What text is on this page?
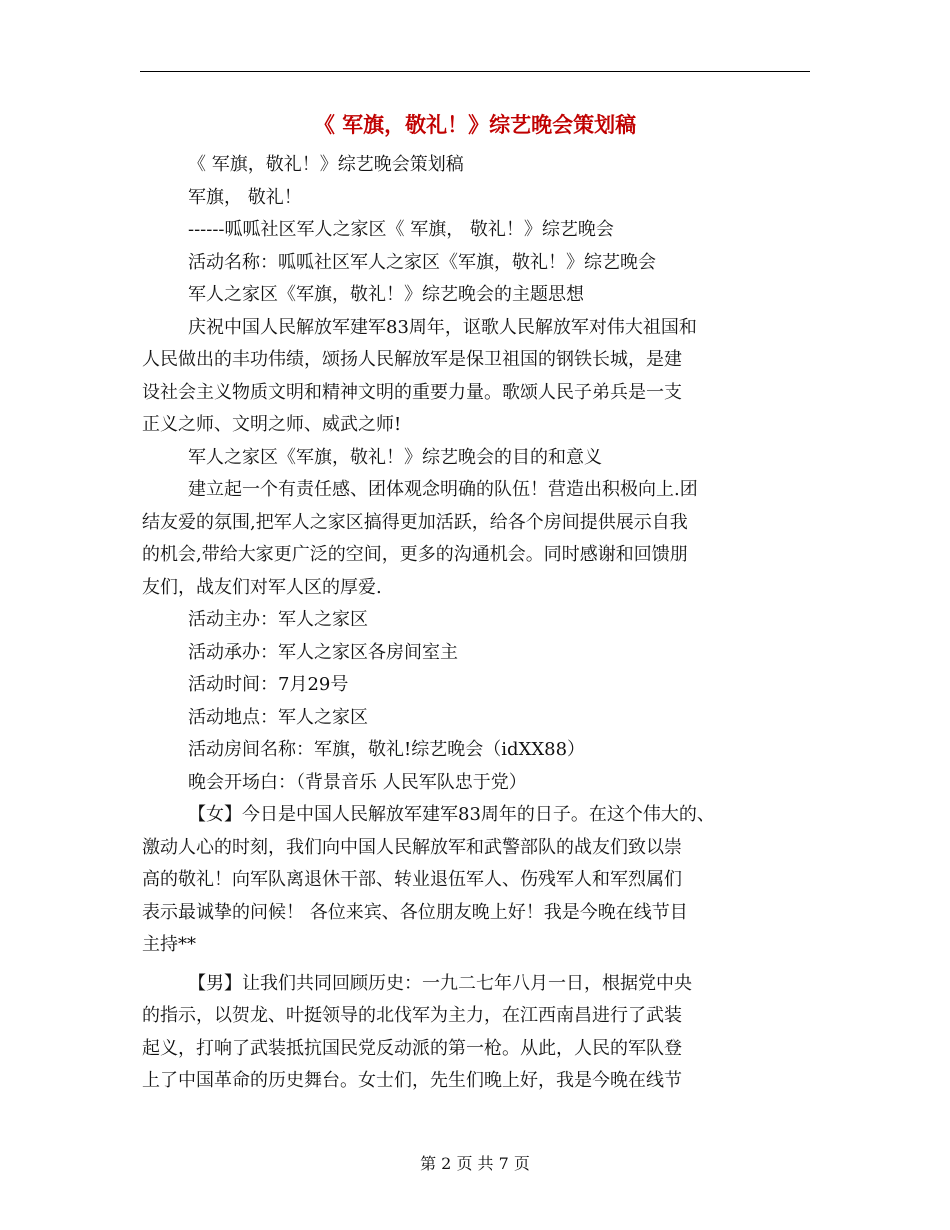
《 军旗，敬礼！》综艺晚会策划稿
《 军旗，敬礼！》综艺晚会策划稿
军旗， 敬礼！
------呱呱社区军人之家区《 军旗， 敬礼！》综艺晚会
活动名称：呱呱社区军人之家区《军旗，敬礼！》综艺晚会
军人之家区《军旗，敬礼！》综艺晚会的主题思想
庆祝中国人民解放军建军83周年，讴歌人民解放军对伟大祖国和
人民做出的丰功伟绩，颂扬人民解放军是保卫祖国的钢铁长城，是建
设社会主义物质文明和精神文明的重要力量。歌颂人民子弟兵是一支
正义之师、文明之师、威武之师!
军人之家区《军旗，敬礼！》综艺晚会的目的和意义
建立起一个有责任感、团体观念明确的队伍！营造出积极向上.团
结友爱的氛围,把军人之家区搞得更加活跃，给各个房间提供展示自我
的机会,带给大家更广泛的空间，更多的沟通机会。同时感谢和回馈朋
友们，战友们对军人区的厚爱.
活动主办：军人之家区
活动承办：军人之家区各房间室主
活动时间：7月29号
活动地点：军人之家区
活动房间名称：军旗，敬礼!综艺晚会（idXX88）
晚会开场白：（背景音乐 人民军队忠于党）
【女】今日是中国人民解放军建军83周年的日子。在这个伟大的、
激动人心的时刻，我们向中国人民解放军和武警部队的战友们致以崇
高的敬礼！向军队离退休干部、转业退伍军人、伤残军人和军烈属们
表示最诚挚的问候！ 各位来宾、各位朋友晚上好！我是今晚在线节目
主持**
【男】让我们共同回顾历史：一九二七年八月一日，根据党中央
的指示，以贺龙、叶挺领导的北伐军为主力，在江西南昌进行了武装
起义，打响了武装抵抗国民党反动派的第一枪。从此，人民的军队登
上了中国革命的历史舞台。女士们，先生们晚上好，我是今晚在线节
第 2 页 共 7 页
